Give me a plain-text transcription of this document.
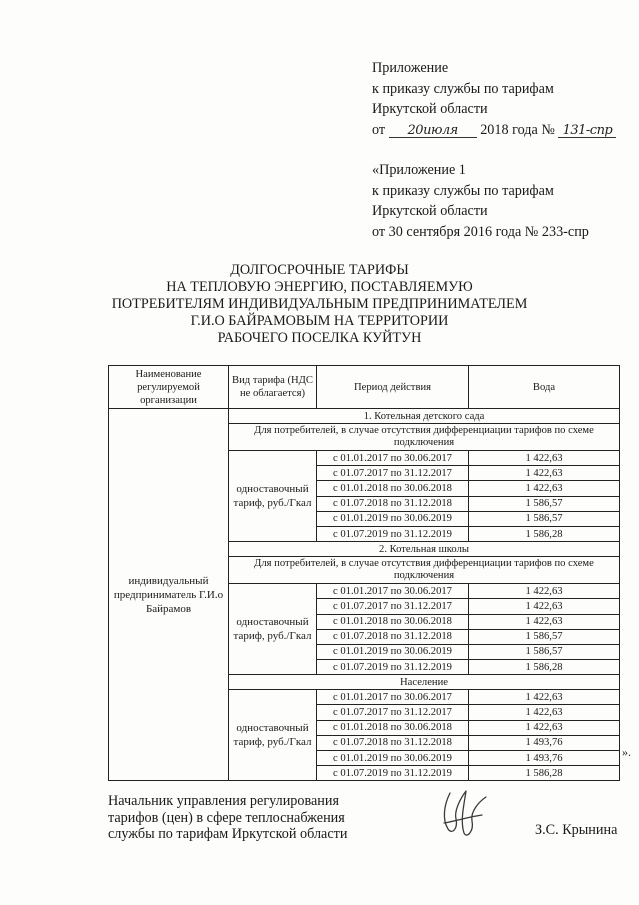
Приложение
к приказу службы по тарифам
Иркутской области
от 20июля 2018 года № 131-спр
«Приложение 1
к приказу службы по тарифам
Иркутской области
от 30 сентября 2016 года № 233-спр
ДОЛГОСРОЧНЫЕ ТАРИФЫ
НА ТЕПЛОВУЮ ЭНЕРГИЮ, ПОСТАВЛЯЕМУЮ
ПОТРЕБИТЕЛЯМ ИНДИВИДУАЛЬНЫМ ПРЕДПРИНИМАТЕЛЕМ
Г.И.О БАЙРАМОВЫМ НА ТЕРРИТОРИИ
РАБОЧЕГО ПОСЕЛКА КУЙТУН
Наименование регулируемой организации	Вид тарифа (НДС не облагается)	Период действия	Вода
индивидуальный предприниматель Г.И.о Байрамов	1. Котельная детского сада		
	Для потребителей, в случае отсутствия дифференциации тарифов по схеме подключения		
	одноставочный тариф, руб./Гкал	с 01.01.2017 по 30.06.2017	1 422,63
		с 01.07.2017 по 31.12.2017	1 422,63
		с 01.01.2018 по 30.06.2018	1 422,63
		с 01.07.2018 по 31.12.2018	1 586,57
		с 01.01.2019 по 30.06.2019	1 586,57
		с 01.07.2019 по 31.12.2019	1 586,28
	2. Котельная школы		
	Для потребителей, в случае отсутствия дифференциации тарифов по схеме подключения		
	одноставочный тариф, руб./Гкал	с 01.01.2017 по 30.06.2017	1 422,63
		с 01.07.2017 по 31.12.2017	1 422,63
		с 01.01.2018 по 30.06.2018	1 422,63
		с 01.07.2018 по 31.12.2018	1 586,57
		с 01.01.2019 по 30.06.2019	1 586,57
		с 01.07.2019 по 31.12.2019	1 586,28
	Население		
	одноставочный тариф, руб./Гкал	с 01.01.2017 по 30.06.2017	1 422,63
		с 01.07.2017 по 31.12.2017	1 422,63
		с 01.01.2018 по 30.06.2018	1 422,63
		с 01.07.2018 по 31.12.2018	1 493,76
		с 01.01.2019 по 30.06.2019	1 493,76
		с 01.07.2019 по 31.12.2019	1 586,28
».
Начальник управления регулирования
тарифов (цен) в сфере теплоснабжения
службы по тарифам Иркутской области	З.С. Крынина
